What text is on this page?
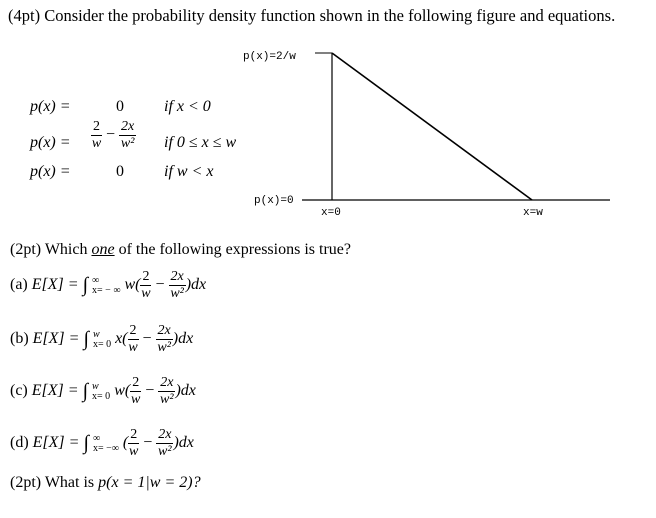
(4pt) Consider the probability density function shown in the following figure and equations.
p(x)=2/w
p(x)=0
x=0	x=w
p(x) =	0	if x < 0
$p(x) = \frac{2}{w} - \frac{2x}{\text{w²}}$ if 0 ≤ x ≤ w
p(x) =	0	if w < x
(2pt) Which one of the following expressions is true?
(a) E[X] = ∫ ∞
x= − ∞ $w( \frac{2}{w} - \frac{2x}{\text{w²}} )dx$
(b) E[X] = ∫ w
x= 0 $x( \frac{2}{w} - \frac{2x}{\text{w²}} )dx$
(c) E[X] = ∫ w
x= 0 $w( \frac{2}{w} - \frac{2x}{\text{w²}} )dx$
(d) E[X] = ∫ ∞
x= −∞ ( $\frac{2}{w} - \frac{2x}{\text{w²}} )dx$
(2pt) What is p(x = 1|w = 2)?
